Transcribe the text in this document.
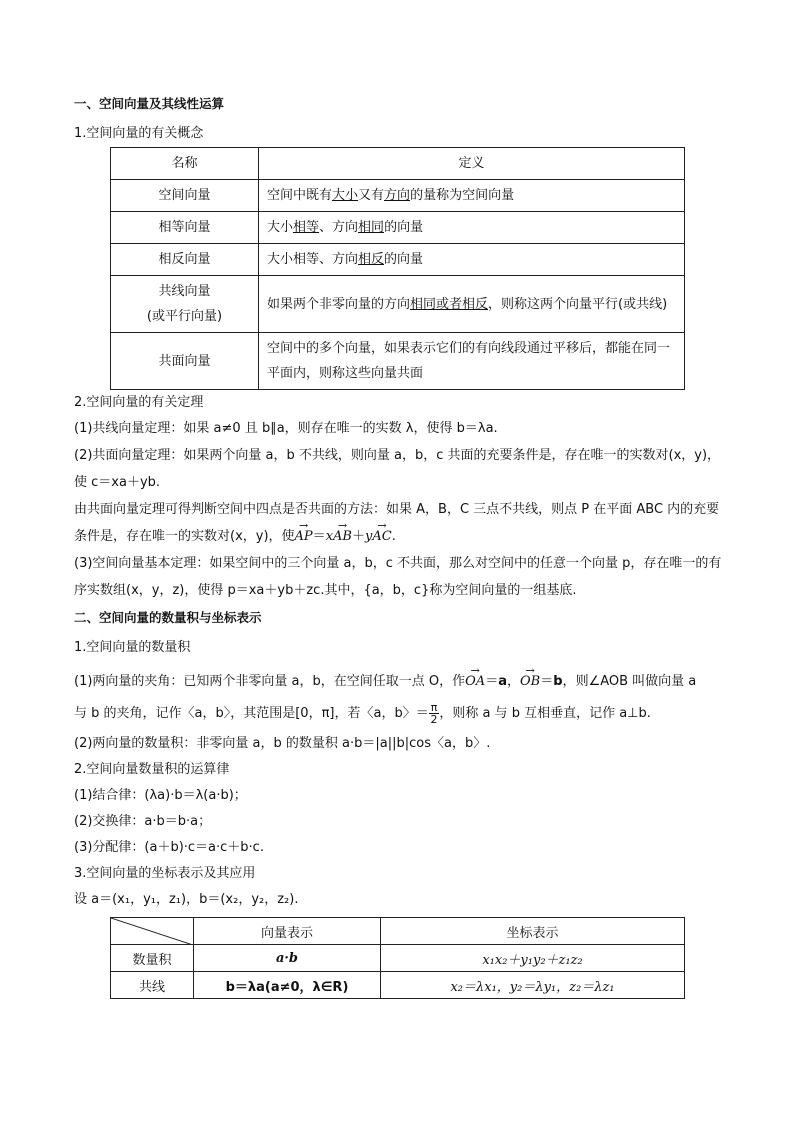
一、空间向量及其线性运算
1.空间向量的有关概念
名称	定义
空间向量	空间中既有大小又有方向的量称为空间向量
相等向量	大小相等、方向相同的向量
相反向量	大小相等、方向相反的向量

共线向量
(或平行向量)	如果两个非零向量的方向相同或者相反，则称这两个向量平行(或共线)
共面向量	空间中的多个向量，如果表示它们的有向线段通过平移后，都能在同一平面内，则称这些向量共面
2.空间向量的有关定理
(1)共线向量定理：如果 a≠0 且 b∥a，则存在唯一的实数 λ，使得 b＝λa.
(2)共面向量定理：如果两个向量 a，b 不共线，则向量 a，b，c 共面的充要条件是，存在唯一的实数对(x，y)，使 c＝xa＋yb.
由共面向量定理可得判断空间中四点是否共面的方法：如果 A，B，C 三点不共线，则点 P 在平面 ABC 内的充要条件是，存在唯一的实数对(x，y)，使→ AP＝x→ AB＋y→ AC.
(3)空间向量基本定理：如果空间中的三个向量 a，b，c 不共面，那么对空间中的任意一个向量 p，存在唯一的有序实数组(x，y，z)，使得 p＝xa＋yb＋zc.其中，{a，b，c}称为空间向量的一组基底.
二、空间向量的数量积与坐标表示
1.空间向量的数量积
(1)两向量的夹角：已知两个非零向量 a，b，在空间任取一点 O，作→ OA＝a，→ OB＝b，则∠AOB 叫做向量 a
与 b 的夹角，记作〈a，b〉，其范围是[0，π]，若〈a，b〉＝ $\frac{\pi}{2}$ ，则称 a 与 b 互相垂直，记作 a⊥b.
(2)两向量的数量积：非零向量 a，b 的数量积 a·b＝|a||b|cos〈a，b〉.
2.空间向量数量积的运算律
(1)结合律：(λa)·b＝λ(a·b)；
(2)交换律：a·b＝b·a；
(3)分配律：(a＋b)·c＝a·c＋b·c.
3.空间向量的坐标表示及其应用
设 a＝(x₁，y₁，z₁)，b＝(x₂，y₂，z₂).
	向量表示	坐标表示
数量积	a·b	x₁x₂＋y₁y₂＋z₁z₂
共线	b＝λa(a≠0，λ∈R)	x₂＝λx₁，y₂＝λy₁，z₂＝λz₁
